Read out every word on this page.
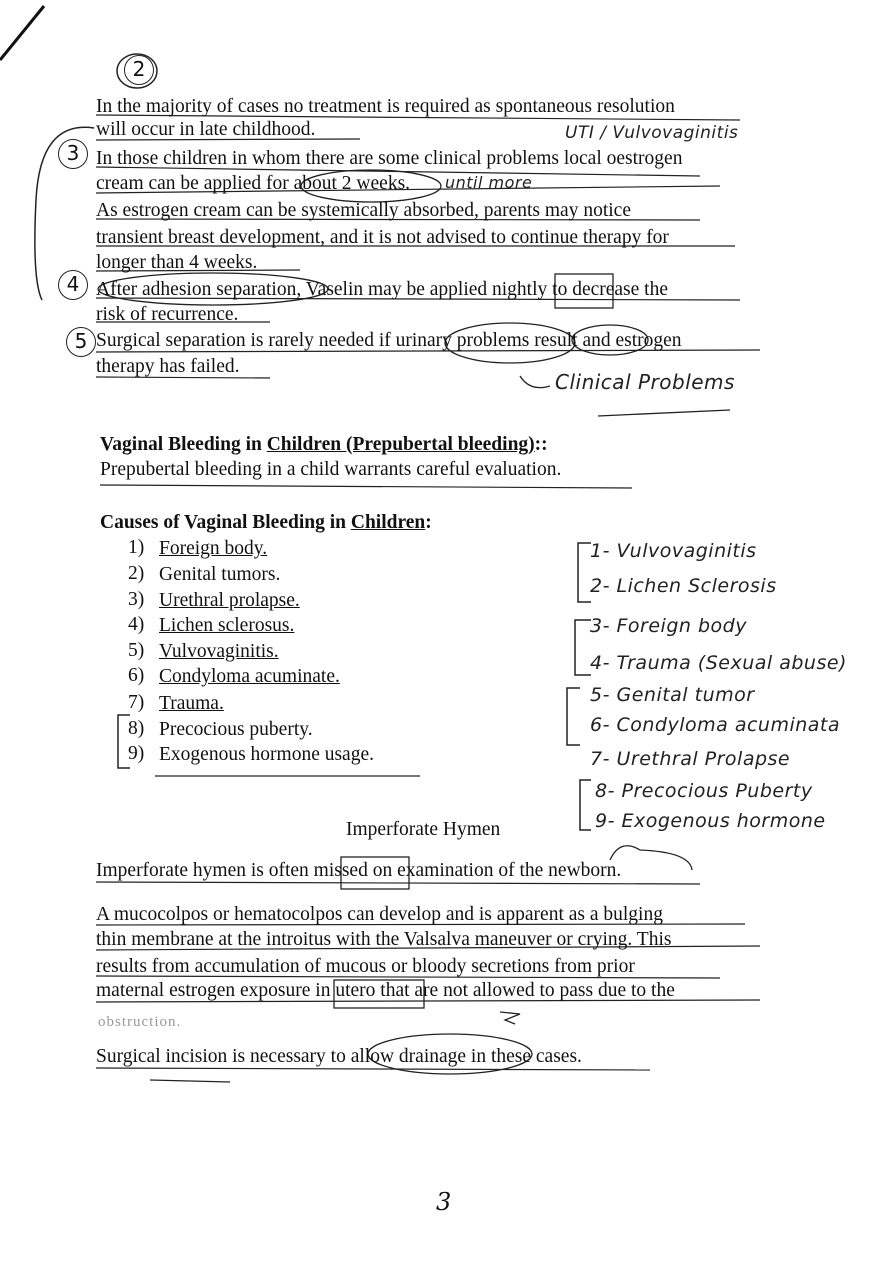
2
3
4
5
In the majority of cases no treatment is required as spontaneous resolution
will occur in late childhood.
In those children in whom there are some clinical problems local oestrogen
cream can be applied for about 2 weeks.
As estrogen cream can be systemically absorbed, parents may notice
transient breast development, and it is not advised to continue therapy for
longer than 4 weeks.
After adhesion separation, Vaselin may be applied nightly to decrease the
risk of recurrence.
Surgical separation is rarely needed if urinary problems result and estrogen
therapy has failed.
UTI / Vulvovaginitis
until more
Clinical Problems
Vaginal Bleeding in Children (Prepubertal bleeding)::
Prepubertal bleeding in a child warrants careful evaluation.
Causes of Vaginal Bleeding in Children:
1) Foreign body.
2) Genital tumors.
3) Urethral prolapse.
4) Lichen sclerosus.
5) Vulvovaginitis.
6) Condyloma acuminate.
7) Trauma.
8) Precocious puberty.
9) Exogenous hormone usage.
1- Vulvovaginitis
2- Lichen Sclerosis
3- Foreign body
4- Trauma (Sexual abuse)
5- Genital tumor
6- Condyloma acuminata
7- Urethral Prolapse
8- Precocious Puberty
9- Exogenous hormone
Imperforate Hymen
Imperforate hymen is often missed on examination of the newborn.
A mucocolpos or hematocolpos can develop and is apparent as a bulging
thin membrane at the introitus with the Valsalva maneuver or crying. This
results from accumulation of mucous or bloody secretions from prior
maternal estrogen exposure in utero that are not allowed to pass due to the
obstruction.
Surgical incision is necessary to allow drainage in these cases.
3
